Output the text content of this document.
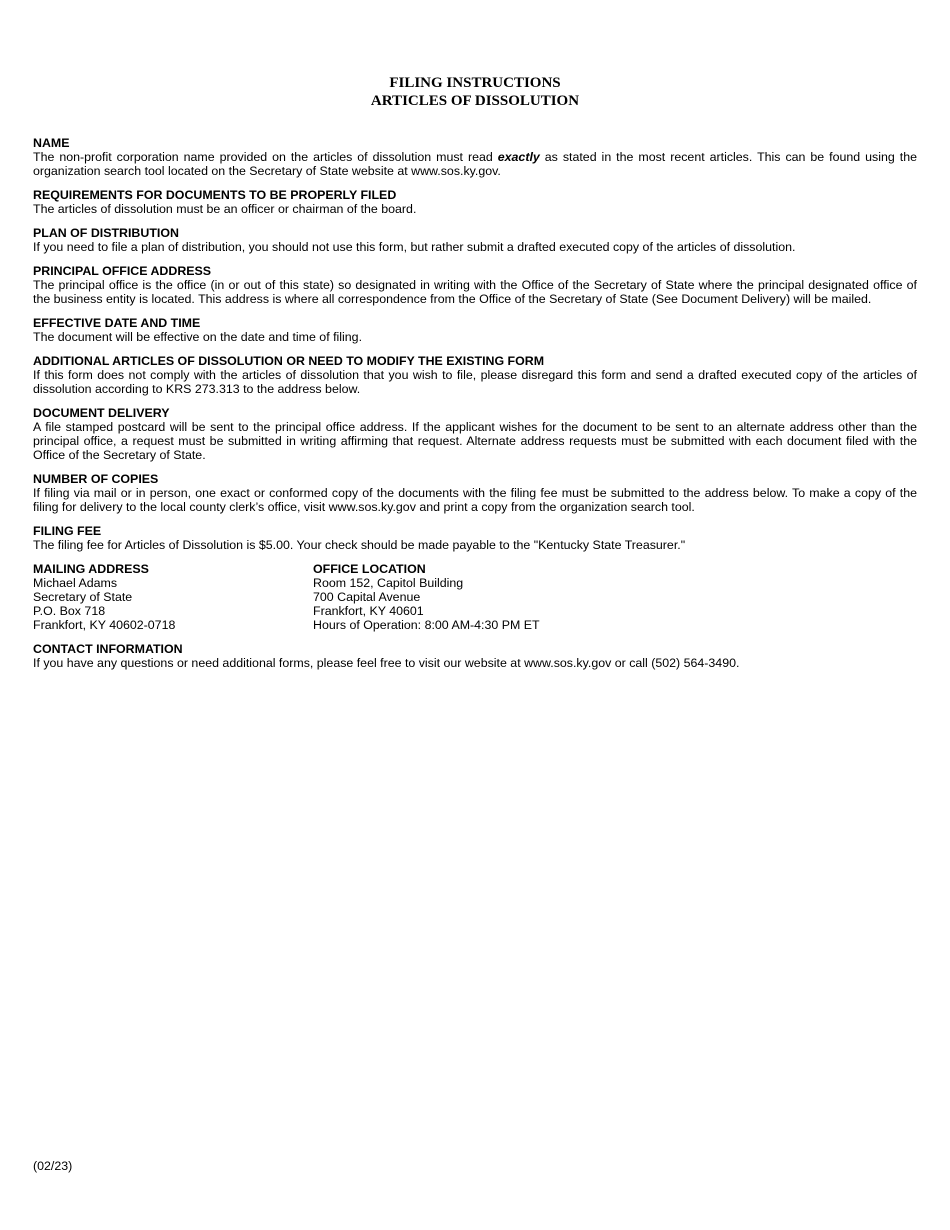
FILING INSTRUCTIONS
ARTICLES OF DISSOLUTION
NAME
The non-profit corporation name provided on the articles of dissolution must read exactly as stated in the most recent articles. This can be found using the
organization search tool located on the Secretary of State website at www.sos.ky.gov.
REQUIREMENTS FOR DOCUMENTS TO BE PROPERLY FILED
The articles of dissolution must be an officer or chairman of the board.
PLAN OF DISTRIBUTION
If you need to file a plan of distribution, you should not use this form, but rather submit a drafted executed copy of the articles of dissolution.
PRINCIPAL OFFICE ADDRESS
The principal office is the office (in or out of this state) so designated in writing with the Office of the Secretary of State where the principal designated office of
the business entity is located. This address is where all correspondence from the Office of the Secretary of State (See Document Delivery) will be mailed.
EFFECTIVE DATE AND TIME
The document will be effective on the date and time of filing.
ADDITIONAL ARTICLES OF DISSOLUTION OR NEED TO MODIFY THE EXISTING FORM
If this form does not comply with the articles of dissolution that you wish to file, please disregard this form and send a drafted executed copy of the articles of
dissolution according to KRS 273.313 to the address below.
DOCUMENT DELIVERY
A file stamped postcard will be sent to the principal office address. If the applicant wishes for the document to be sent to an alternate address other than the
principal office, a request must be submitted in writing affirming that request. Alternate address requests must be submitted with each document filed with the
Office of the Secretary of State.
NUMBER OF COPIES
If filing via mail or in person, one exact or conformed copy of the documents with the filing fee must be submitted to the address below. To make a copy of the
filing for delivery to the local county clerk’s office, visit www.sos.ky.gov and print a copy from the organization search tool.
FILING FEE
The filing fee for Articles of Dissolution is $5.00. Your check should be made payable to the "Kentucky State Treasurer."
MAILING ADDRESS
Michael Adams
Secretary of State
P.O. Box 718
Frankfort, KY 40602-0718
OFFICE LOCATION
Room 152, Capitol Building
700 Capital Avenue
Frankfort, KY 40601
Hours of Operation: 8:00 AM-4:30 PM ET
CONTACT INFORMATION
If you have any questions or need additional forms, please feel free to visit our website at www.sos.ky.gov or call (502) 564-3490.
(02/23)
